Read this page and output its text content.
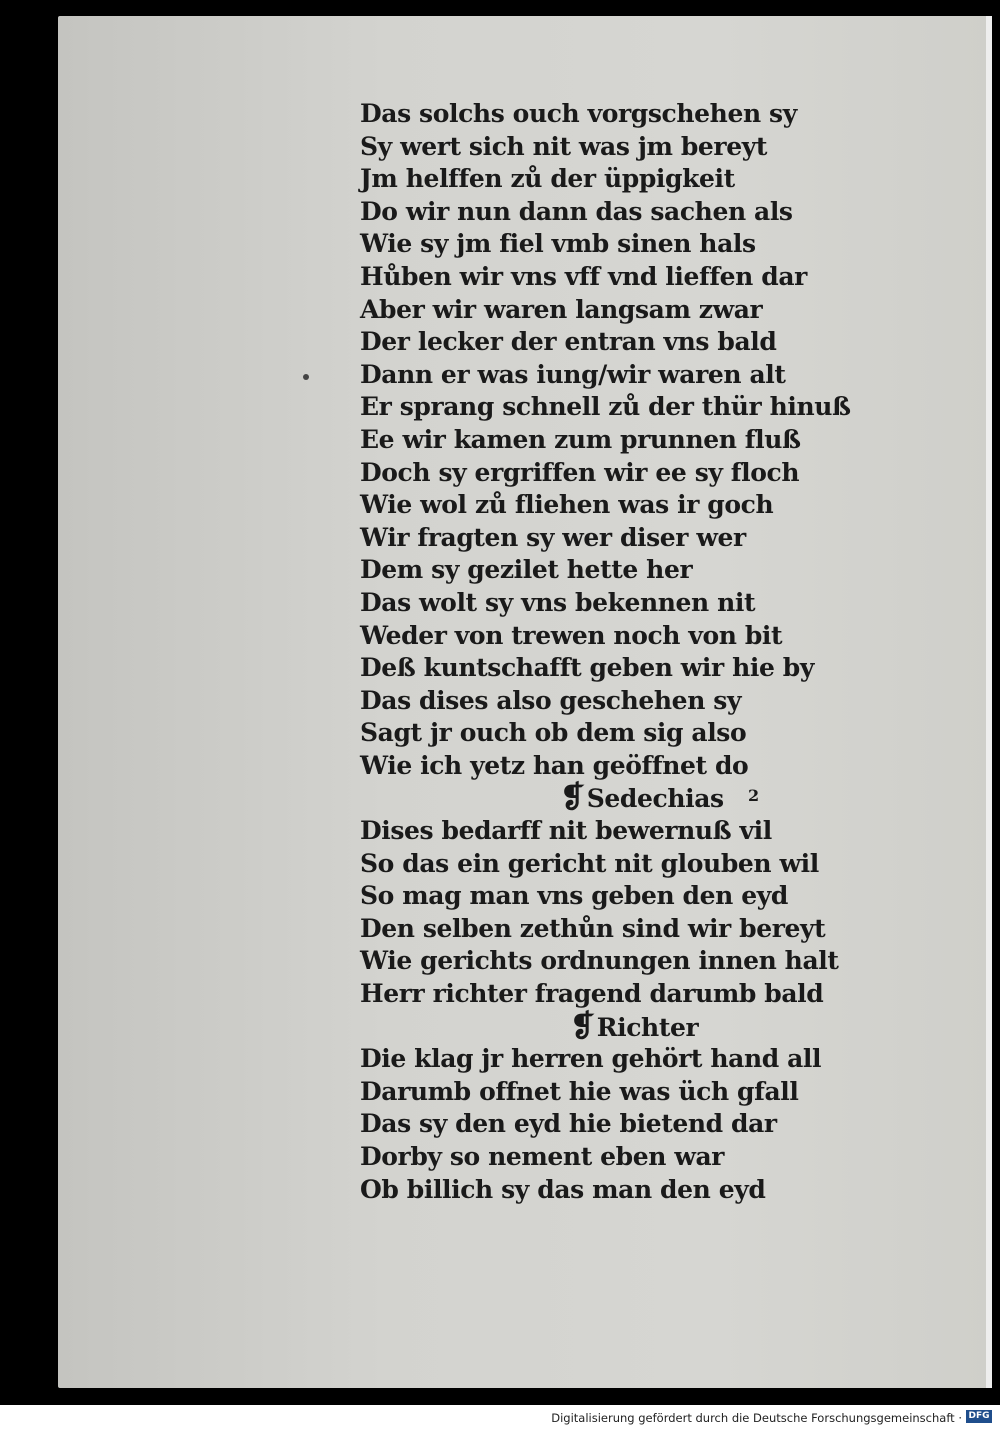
Das solchs ouch vorgschehen sy
Sy wert sich nit was jm bereyt
Jm helffen zů der üppigkeit
Do wir nun dann das sachen als
Wie sy jm fiel vmb sinen hals
Hůben wir vns vff vnd lieffen dar
Aber wir waren langsam zwar
Der lecker der entran vns bald
Dann er was iung/wir waren alt
Er sprang schnell zů der thür hinuß
Ee wir kamen zum prunnen fluß
Doch sy ergriffen wir ee sy floch
Wie wol zů fliehen was ir goch
Wir fragten sy wer diser wer
Dem sy gezilet hette her
Das wolt sy vns bekennen nit
Weder von trewen noch von bit
Deß kuntschafft geben wir hie by
Das dises also geschehen sy
Sagt jr ouch ob dem sig also
Wie ich yetz han geöffnet do
❡Sedechias $^2$
Dises bedarff nit bewernuß vil
So das ein gericht nit glouben wil
So mag man vns geben den eyd
Den selben zethůn sind wir bereyt
Wie gerichts ordnungen innen halt
Herr richter fragend darumb bald
❡Richter
Die klag jr herren gehört hand all
Darumb offnet hie was üch gfall
Das sy den eyd hie bietend dar
Dorby so nement eben war
Ob billich sy das man den eyd
Digitalisierung gefördert durch die Deutsche Forschungsgemeinschaft · DFG
